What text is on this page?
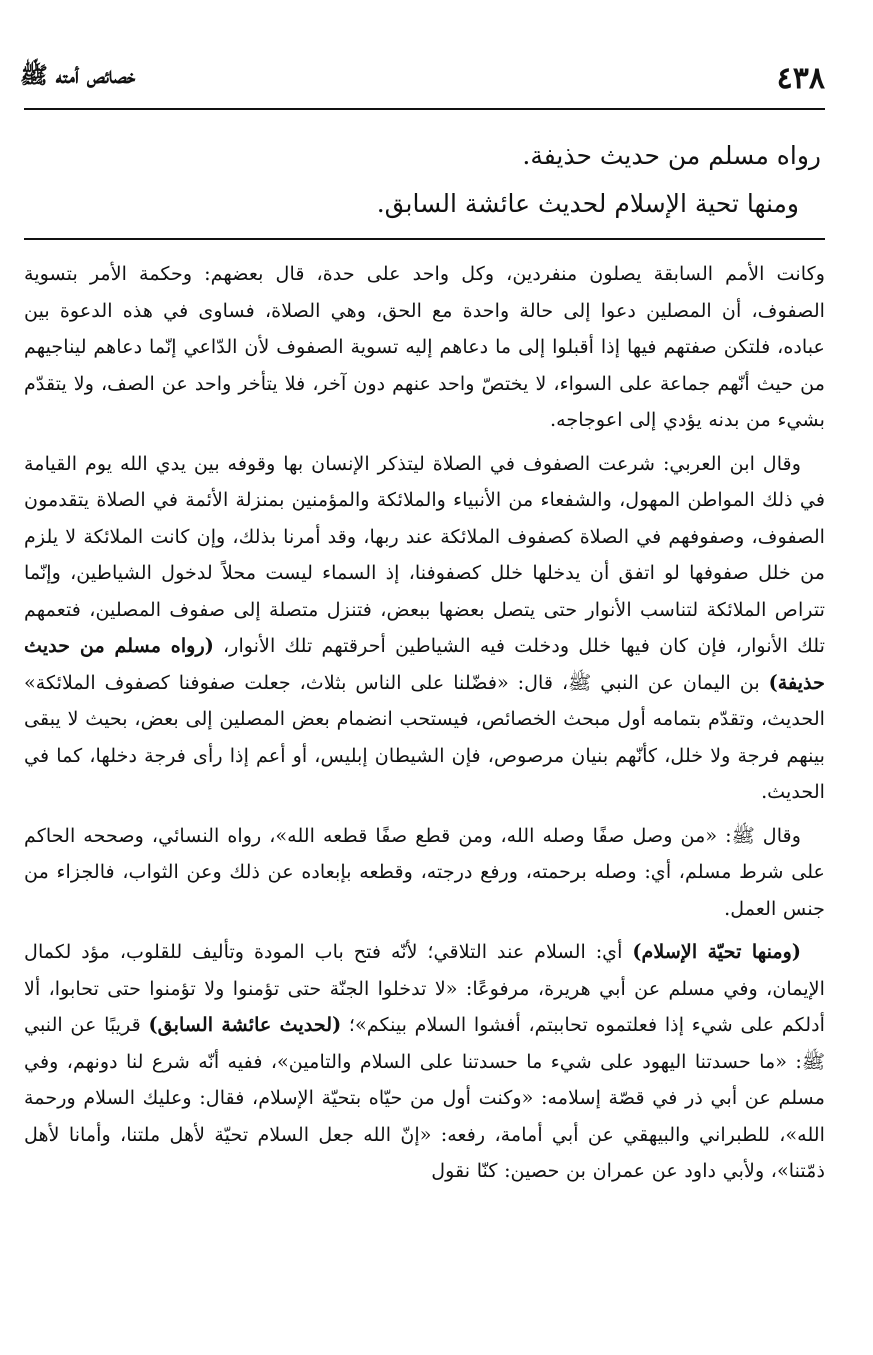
٤٣٨
خصائص أمته ﷺ

رواه مسلم من حديث حذيفة.

ومنها تحية الإسلام لحديث عائشة السابق.

وكانت الأمم السابقة يصلون منفردين، وكل واحد على حدة، قال بعضهم: وحكمة الأمر بتسوية الصفوف، أن المصلين دعوا إلى حالة واحدة مع الحق، وهي الصلاة، فساوى في هذه الدعوة بين عباده، فلتكن صفتهم فيها إذا أقبلوا إلى ما دعاهم إليه تسوية الصفوف لأن الدّاعي إنّما دعاهم ليناجيهم من حيث أنّهم جماعة على السواء، لا يختصّ واحد عنهم دون آخر، فلا يتأخر واحد عن الصف، ولا يتقدّم بشيء من بدنه يؤدي إلى اعوجاجه.

وقال ابن العربي: شرعت الصفوف في الصلاة ليتذكر الإنسان بها وقوفه بين يدي الله يوم القيامة في ذلك المواطن المهول، والشفعاء من الأنبياء والملائكة والمؤمنين بمنزلة الأئمة في الصلاة يتقدمون الصفوف، وصفوفهم في الصلاة كصفوف الملائكة عند ربها، وقد أمرنا بذلك، وإن كانت الملائكة لا يلزم من خلل صفوفها لو اتفق أن يدخلها خلل كصفوفنا، إذ السماء ليست محلاً لدخول الشياطين، وإنّما تتراص الملائكة لتناسب الأنوار حتى يتصل بعضها ببعض، فتنزل متصلة إلى صفوف المصلين، فتعمهم تلك الأنوار، فإن كان فيها خلل ودخلت فيه الشياطين أحرقتهم تلك الأنوار، (رواه مسلم من حديث حذيفة) بن اليمان عن النبي ﷺ، قال: «فضّلنا على الناس بثلاث، جعلت صفوفنا كصفوف الملائكة» الحديث، وتقدّم بتمامه أول مبحث الخصائص، فيستحب انضمام بعض المصلين إلى بعض، بحيث لا يبقى بينهم فرجة ولا خلل، كأنّهم بنيان مرصوص، فإن الشيطان إبليس، أو أعم إذا رأى فرجة دخلها، كما في الحديث.

وقال ﷺ: «من وصل صفًا وصله الله، ومن قطع صفًا قطعه الله»، رواه النسائي، وصححه الحاكم على شرط مسلم، أي: وصله برحمته، ورفع درجته، وقطعه بإبعاده عن ذلك وعن الثواب، فالجزاء من جنس العمل.

(ومنها تحيّة الإسلام) أي: السلام عند التلاقي؛ لأنّه فتح باب المودة وتأليف للقلوب، مؤد لكمال الإيمان، وفي مسلم عن أبي هريرة، مرفوعًا: «لا تدخلوا الجنّة حتى تؤمنوا ولا تؤمنوا حتى تحابوا، ألا أدلكم على شيء إذا فعلتموه تحاببتم، أفشوا السلام بينكم»؛ (لحديث عائشة السابق) قريبًا عن النبي ﷺ: «ما حسدتنا اليهود على شيء ما حسدتنا على السلام والتامين»، ففيه أنّه شرع لنا دونهم، وفي مسلم عن أبي ذر في قصّة إسلامه: «وكنت أول من حيّاه بتحيّة الإسلام، فقال: وعليك السلام ورحمة الله»، للطبراني والبيهقي عن أبي أمامة، رفعه: «إنّ الله جعل السلام تحيّة لأهل ملتنا، وأمانا لأهل ذمّتنا»، ولأبي داود عن عمران بن حصين: كنّا نقول
